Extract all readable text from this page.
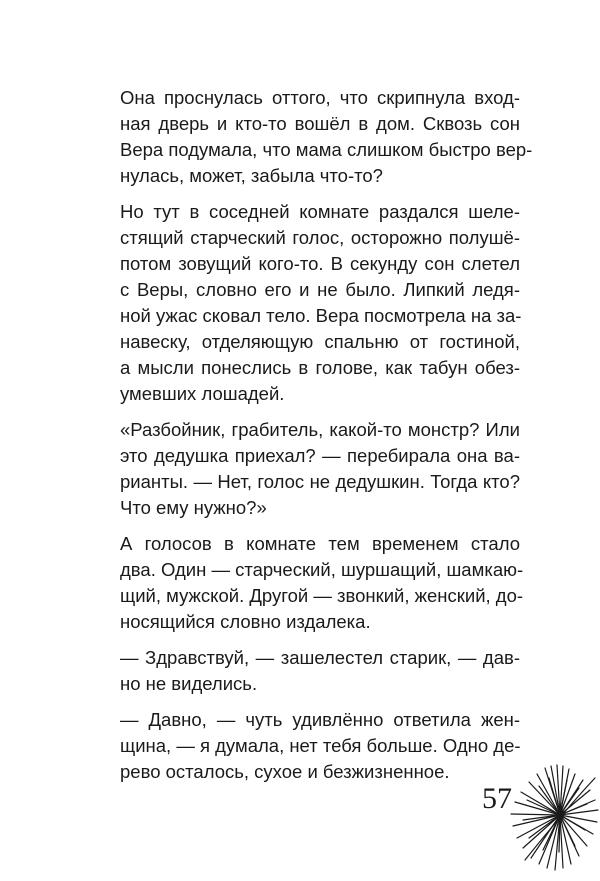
Она проснулась оттого, что скрипнула вход-
ная дверь и кто-то вошёл в дом. Сквозь сон
Вера подумала, что мама слишком быстро вер-
нулась, может, забыла что-то?
Но тут в соседней комнате раздался шеле-
стящий старческий голос, осторожно полушё-
потом зовущий кого-то. В секунду сон слетел
с Веры, словно его и не было. Липкий ледя-
ной ужас сковал тело. Вера посмотрела на за-
навеску, отделяющую спальню от гостиной,
а мысли понеслись в голове, как табун обез-
умевших лошадей.
«Разбойник, грабитель, какой-то монстр? Или
это дедушка приехал? — перебирала она ва-
рианты. — Нет, голос не дедушкин. Тогда кто?
Что ему нужно?»
А голосов в комнате тем временем стало
два. Один — старческий, шуршащий, шамкаю-
щий, мужской. Другой — звонкий, женский, до-
носящийся словно издалека.
— Здравствуй, — зашелестел старик, — дав-
но не виделись.
— Давно, — чуть удивлённо ответила жен-
щина, — я думала, нет тебя больше. Одно де-
рево осталось, сухое и безжизненное.
57
